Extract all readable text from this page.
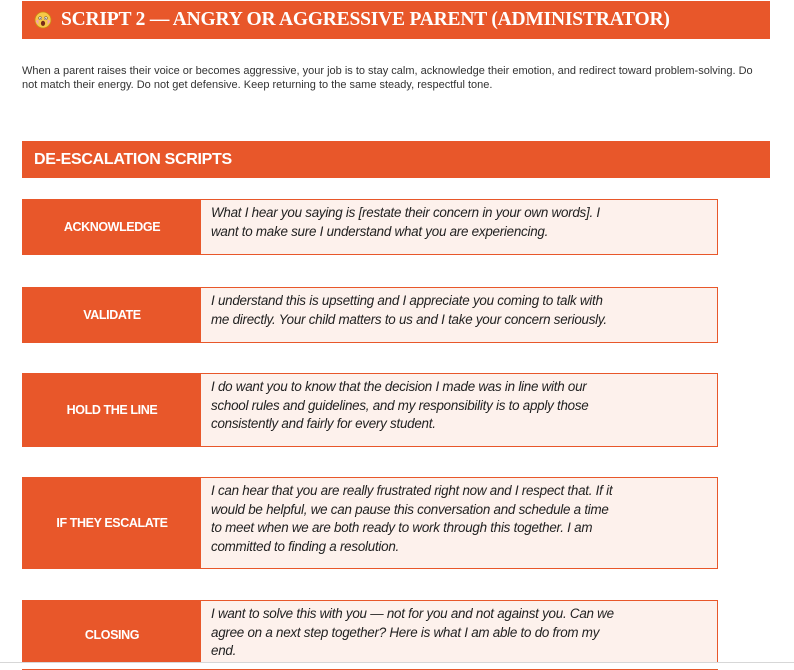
SCRIPT 2 — ANGRY OR AGGRESSIVE PARENT (ADMINISTRATOR)

When a parent raises their voice or becomes aggressive, your job is to stay calm, acknowledge their emotion, and redirect toward problem-solving. Do not match their energy. Do not get defensive. Keep returning to the same steady, respectful tone.

DE-ESCALATION SCRIPTS
ACKNOWLEDGE
What I hear you saying is [restate their concern in your own words]. I
want to make sure I understand what you are experiencing.
VALIDATE
I understand this is upsetting and I appreciate you coming to talk with
me directly. Your child matters to us and I take your concern seriously.
HOLD THE LINE
I do want you to know that the decision I made was in line with our
school rules and guidelines, and my responsibility is to apply those
consistently and fairly for every student.
IF THEY ESCALATE
I can hear that you are really frustrated right now and I respect that. If it
would be helpful, we can pause this conversation and schedule a time
to meet when we are both ready to work through this together. I am
committed to finding a resolution.
CLOSING
I want to solve this with you — not for you and not against you. Can we
agree on a next step together? Here is what I am able to do from my
end.
